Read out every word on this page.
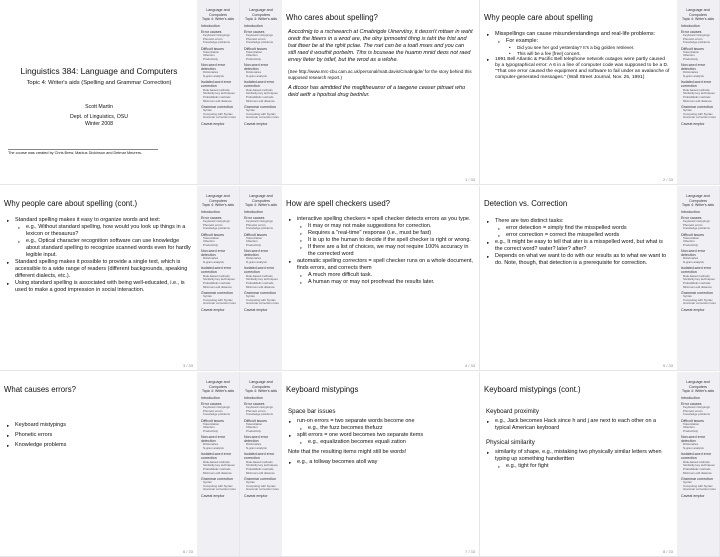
Linguistics 384: Language and Computers
Topic 4: Writer's aids (Spelling and Grammar Correction)
Scott Martin
Dept. of Linguistics, OSU
Winter 2008
The course was created by Chris Brew, Markus Dickinson and Detmar Meurers.
Language and Computers
Topic 4: Writer's aids
Introduction
Error causes
Keyboard mistypings
Phonetic errors
Knowledge problems
Difficult issues
Tokenization
Inflection
Productivity
Non-word error detection
Dictionaries
N-gram analysis
Isolated-word error correction
Rule-based methods
Similarity key techniques
Probabilistic methods
Minimum edit distance
Grammar correction
Syntax
Computing with Syntax
Grammar correction rules
Caveat emptor
Language and Computers
Topic 4: Writer's aids
Introduction
Error causes
Keyboard mistypings
Phonetic errors
Knowledge problems
Difficult issues
Tokenization
Inflection
Productivity
Non-word error detection
Dictionaries
N-gram analysis
Isolated-word error correction
Rule-based methods
Similarity key techniques
Probabilistic methods
Minimum edit distance
Grammar correction
Syntax
Computing with Syntax
Grammar correction rules
Caveat emptor
Who cares about spelling?
Aoccdrnig to a rscheearch at Cmabrigde Uinervtisy, it deosn't mttaer in waht oredr the ltteers in a wrod are, the olny iprmoetnt tihng is taht the frist and lsat ltteer be at the rghit pclae. The rset can be a toatl mses and you can sitll raed it wouthit porbelm. Tihs is bcuseae the huamn mnid deos not raed ervey lteter by istlef, but the wrod as a wlohe.
(See http://www.mrc-cbu.cam.ac.uk/personal/matt.davis/Cmabrigde/ for the story behind this supposed research report.)
A dtcoor has aimttded the magltheuansr of a taegene ceaser pitnaet who deid aetfr a hpoitsal drug bednlur.
1 / 33
Why people care about spelling
▸ Misspellings can cause misunderstandings and real-life problems:
▹ For example:
• Did you see her god yesterday? It's a big golden retriever.
• This will be a fee [free] concert.
▸ 1991 Bell Atlantic & Pacific Bell telephone network outages were partly caused by a typographical error: A 6 in a line of computer code was supposed to be a D. "That one error caused the equipment and software to fail under an avalanche of computer-generated messages." (Wall Street Journal, Nov. 25, 1991)
Language and Computers
Topic 4: Writer's aids
Introduction
Error causes
Keyboard mistypings
Phonetic errors
Knowledge problems
Difficult issues
Tokenization
Inflection
Productivity
Non-word error detection
Dictionaries
N-gram analysis
Isolated-word error correction
Rule-based methods
Similarity key techniques
Probabilistic methods
Minimum edit distance
Grammar correction
Syntax
Computing with Syntax
Grammar correction rules
Caveat emptor
2 / 33
Why people care about spelling (cont.)
▸ Standard spelling makes it easy to organize words and text:
▹ e.g., Without standard spelling, how would you look up things in a lexicon or thesaurus?
▹ e.g., Optical character recognition software can use knowledge about standard spelling to recognize scanned words even for hardly legible input.
▸ Standard spelling makes it possible to provide a single text, which is accessible to a wide range of readers (different backgrounds, speaking different dialects, etc.).
▸ Using standard spelling is associated with being well-educated, i.e., is used to make a good impression in social interaction.
Language and Computers
Topic 4: Writer's aids
Introduction
Error causes
Keyboard mistypings
Phonetic errors
Knowledge problems
Difficult issues
Tokenization
Inflection
Productivity
Non-word error detection
Dictionaries
N-gram analysis
Isolated-word error correction
Rule-based methods
Similarity key techniques
Probabilistic methods
Minimum edit distance
Grammar correction
Syntax
Computing with Syntax
Grammar correction rules
Caveat emptor
3 / 33
Language and Computers
Topic 4: Writer's aids
Introduction
Error causes
Keyboard mistypings
Phonetic errors
Knowledge problems
Difficult issues
Tokenization
Inflection
Productivity
Non-word error detection
Dictionaries
N-gram analysis
Isolated-word error correction
Rule-based methods
Similarity key techniques
Probabilistic methods
Minimum edit distance
Grammar correction
Syntax
Computing with Syntax
Grammar correction rules
Caveat emptor
How are spell checkers used?
▸ interactive spelling checkers = spell checker detects errors as you type.
▹ It may or may not make suggestions for correction.
▹ Requires a "real-time" response (i.e., must be fast)
▹ It is up to the human to decide if the spell checker is right or wrong.
▹ If there are a list of choices, we may not require 100% accuracy in the corrected word
▸ automatic spelling correctors = spell checker runs on a whole document, finds errors, and corrects them
▹ A much more difficult task.
▹ A human may or may not proofread the results later.
4 / 33
Detection vs. Correction
▸ There are two distinct tasks:
▹ error detection = simply find the misspelled words
▹ error correction = correct the misspelled words
▸ e.g., It might be easy to tell that ater is a misspelled word, but what is the correct word? water? later? after?
▸ Depends on what we want to do with our results as to what we want to do. Note, though, that detection is a prerequisite for correction.
Language and Computers
Topic 4: Writer's aids
Introduction
Error causes
Keyboard mistypings
Phonetic errors
Knowledge problems
Difficult issues
Tokenization
Inflection
Productivity
Non-word error detection
Dictionaries
N-gram analysis
Isolated-word error correction
Rule-based methods
Similarity key techniques
Probabilistic methods
Minimum edit distance
Grammar correction
Syntax
Computing with Syntax
Grammar correction rules
Caveat emptor
5 / 33
What causes errors?
▸ Keyboard mistypings
▸ Phonetic errors
▸ Knowledge problems
Language and Computers
Topic 4: Writer's aids
Introduction
Error causes
Keyboard mistypings
Phonetic errors
Knowledge problems
Difficult issues
Tokenization
Inflection
Productivity
Non-word error detection
Dictionaries
N-gram analysis
Isolated-word error correction
Rule-based methods
Similarity key techniques
Probabilistic methods
Minimum edit distance
Grammar correction
Syntax
Computing with Syntax
Grammar correction rules
Caveat emptor
6 / 33
Language and Computers
Topic 4: Writer's aids
Introduction
Error causes
Keyboard mistypings
Phonetic errors
Knowledge problems
Difficult issues
Tokenization
Inflection
Productivity
Non-word error detection
Dictionaries
N-gram analysis
Isolated-word error correction
Rule-based methods
Similarity key techniques
Probabilistic methods
Minimum edit distance
Grammar correction
Syntax
Computing with Syntax
Grammar correction rules
Caveat emptor
Keyboard mistypings
Space bar issues
▸ run-on errors = two separate words become one
▹ e.g., the fuzz becomes thefuzz
▸ split errors = one word becomes two separate items
▹ e.g., equalization becomes equali zation
Note that the resulting items might still be words!
▸ e.g., a tollway becomes atoll way
7 / 33
Keyboard mistypings (cont.)
Keyboard proximity
▸ e.g., Jack becomes Hack since h and j are next to each other on a typical American keyboard
Physical similarity
▸ similarity of shape, e.g., mistaking two physically similar letters when typing up something handwritten
▹ e.g., tight for fight
Language and Computers
Topic 4: Writer's aids
Introduction
Error causes
Keyboard mistypings
Phonetic errors
Knowledge problems
Difficult issues
Tokenization
Inflection
Productivity
Non-word error detection
Dictionaries
N-gram analysis
Isolated-word error correction
Rule-based methods
Similarity key techniques
Probabilistic methods
Minimum edit distance
Grammar correction
Syntax
Computing with Syntax
Grammar correction rules
Caveat emptor
8 / 33
